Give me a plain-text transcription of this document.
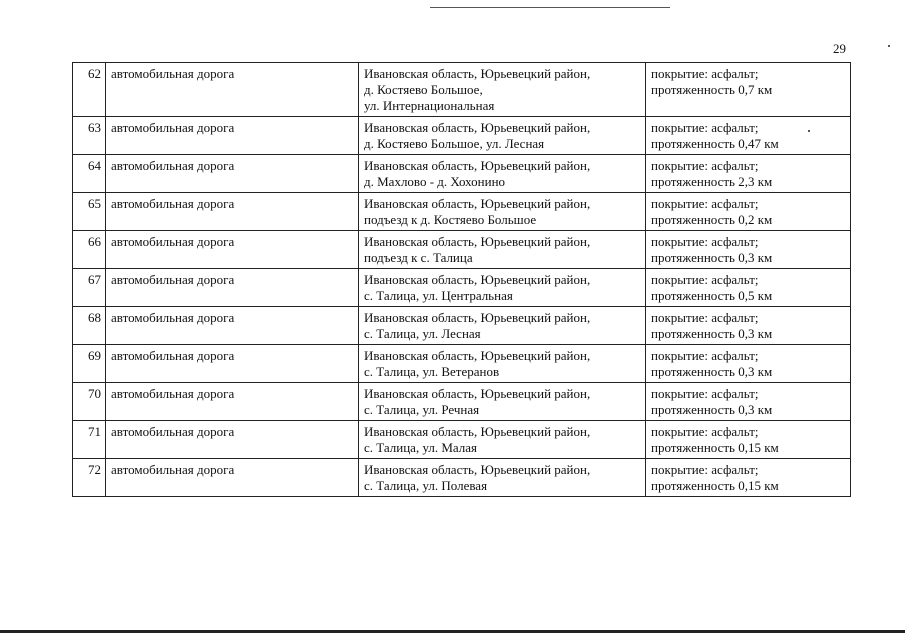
29
62	автомобильная дорога	Ивановская область, Юрьевецкий район,
д. Костяево Большое,
ул. Интернациональная	покрытие: асфальт;
протяженность 0,7 км

63	автомобильная дорога	Ивановская область, Юрьевецкий район,
д. Костяево Большое, ул. Лесная	покрытие: асфальт;
протяженность 0,47 км

64	автомобильная дорога	Ивановская область, Юрьевецкий район,
д. Махлово - д. Хохонино	покрытие: асфальт;
протяженность 2,3 км

65	автомобильная дорога	Ивановская область, Юрьевецкий район,
подъезд к д. Костяево Большое	покрытие: асфальт;
протяженность 0,2 км

66	автомобильная дорога	Ивановская область, Юрьевецкий район,
подъезд к с. Талица	покрытие: асфальт;
протяженность 0,3 км

67	автомобильная дорога	Ивановская область, Юрьевецкий район,
с. Талица, ул. Центральная	покрытие: асфальт;
протяженность 0,5 км

68	автомобильная дорога	Ивановская область, Юрьевецкий район,
с. Талица, ул. Лесная	покрытие: асфальт;
протяженность 0,3 км

69	автомобильная дорога	Ивановская область, Юрьевецкий район,
с. Талица, ул. Ветеранов	покрытие: асфальт;
протяженность 0,3 км

70	автомобильная дорога	Ивановская область, Юрьевецкий район,
с. Талица, ул. Речная	покрытие: асфальт;
протяженность 0,3 км

71	автомобильная дорога	Ивановская область, Юрьевецкий район,
с. Талица, ул. Малая	покрытие: асфальт;
протяженность 0,15 км

72	автомобильная дорога	Ивановская область, Юрьевецкий район,
с. Талица, ул. Полевая	покрытие: асфальт;
протяженность 0,15 км
